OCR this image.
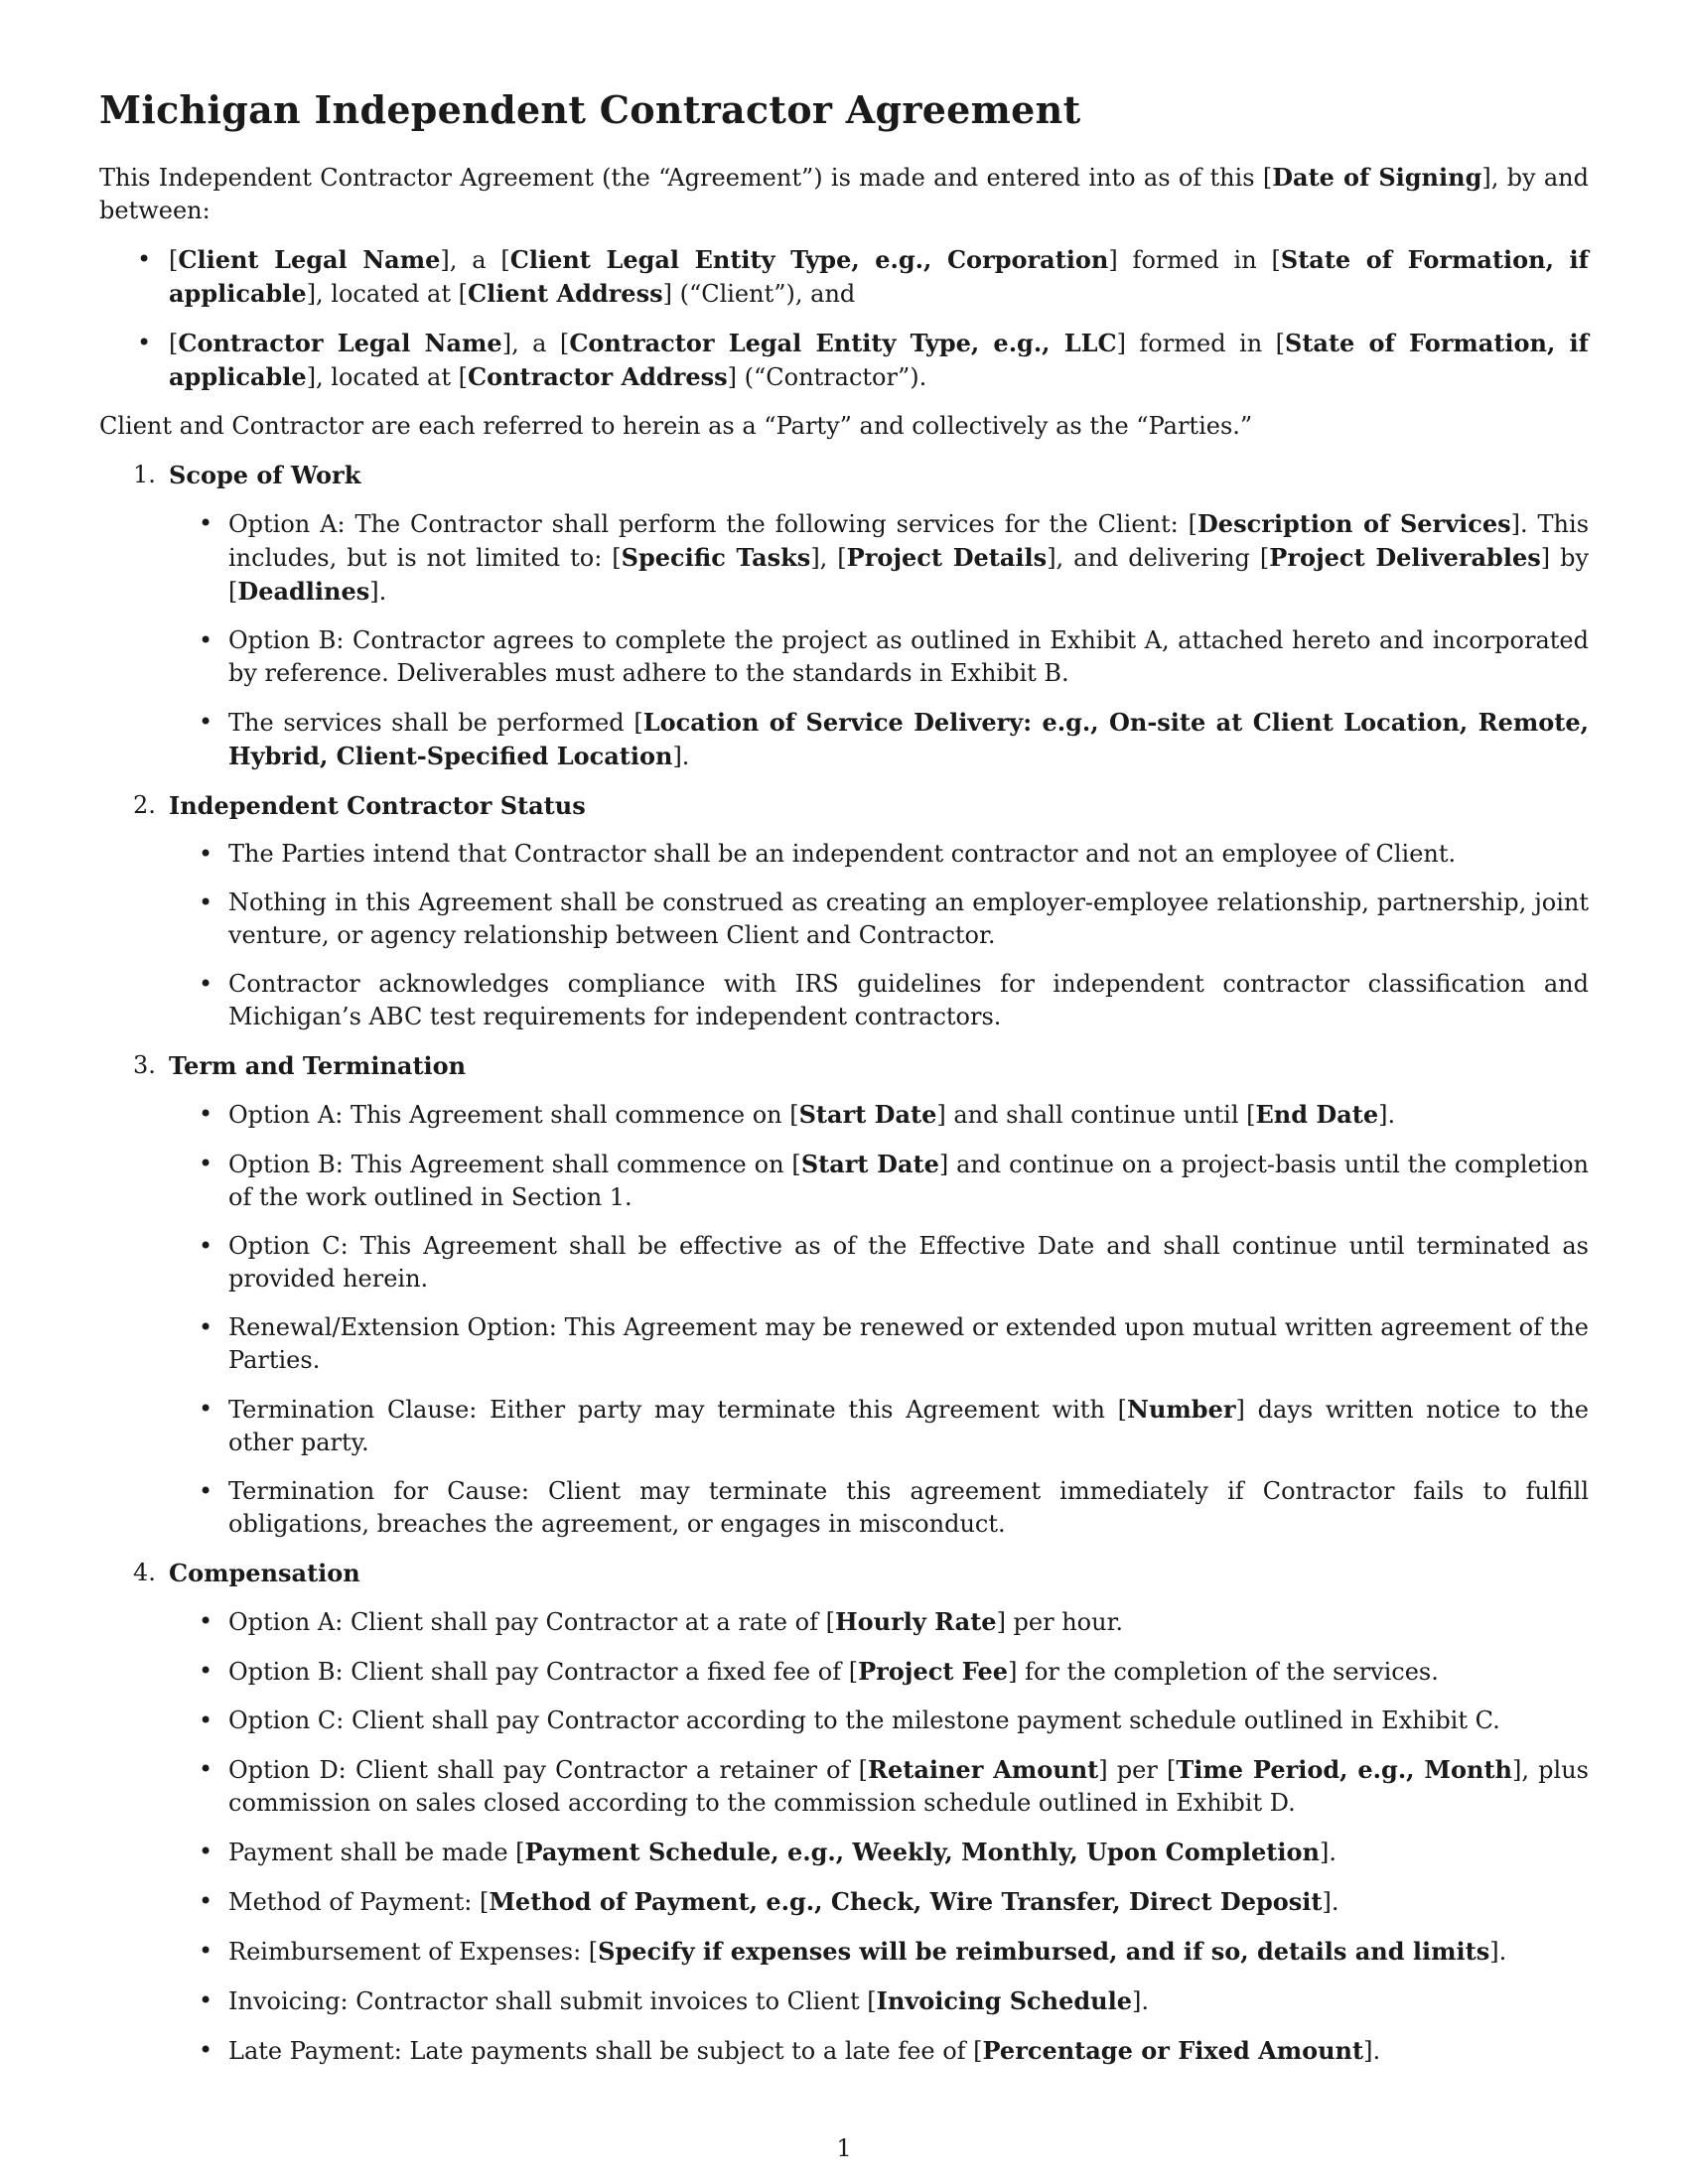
Michigan Independent Contractor Agreement

This Independent Contractor Agreement (the “Agreement”) is made and entered into as of this [Date of Signing], by and between:

• [Client Legal Name], a [Client Legal Entity Type, e.g., Corporation] formed in [State of Formation, if applicable], located at [Client Address] (“Client”), and
• [Contractor Legal Name], a [Contractor Legal Entity Type, e.g., LLC] formed in [State of Formation, if applicable], located at [Contractor Address] (“Contractor”).

Client and Contractor are each referred to herein as a “Party” and collectively as the “Parties.”

1. Scope of Work
• Option A: The Contractor shall perform the following services for the Client: [Description of Services]. This includes, but is not limited to: [Specific Tasks], [Project Details], and delivering [Project Deliverables] by [Deadlines].
• Option B: Contractor agrees to complete the project as outlined in Exhibit A, attached hereto and incorporated by reference. Deliverables must adhere to the standards in Exhibit B.
• The services shall be performed [Location of Service Delivery: e.g., On-site at Client Location, Remote, Hybrid, Client-Specified Location].
2. Independent Contractor Status
• The Parties intend that Contractor shall be an independent contractor and not an employee of Client.
• Nothing in this Agreement shall be construed as creating an employer-employee relationship, partnership, joint venture, or agency relationship between Client and Contractor.
• Contractor acknowledges compliance with IRS guidelines for independent contractor classification and Michigan’s ABC test requirements for independent contractors.
3. Term and Termination
• Option A: This Agreement shall commence on [Start Date] and shall continue until [End Date].
• Option B: This Agreement shall commence on [Start Date] and continue on a project-basis until the completion of the work outlined in Section 1.
• Option C: This Agreement shall be effective as of the Effective Date and shall continue until terminated as provided herein.
• Renewal/Extension Option: This Agreement may be renewed or extended upon mutual written agreement of the Parties.
• Termination Clause: Either party may terminate this Agreement with [Number] days written notice to the other party.
• Termination for Cause: Client may terminate this agreement immediately if Contractor fails to fulfill obligations, breaches the agreement, or engages in misconduct.
4. Compensation
• Option A: Client shall pay Contractor at a rate of [Hourly Rate] per hour.
• Option B: Client shall pay Contractor a fixed fee of [Project Fee] for the completion of the services.
• Option C: Client shall pay Contractor according to the milestone payment schedule outlined in Exhibit C.
• Option D: Client shall pay Contractor a retainer of [Retainer Amount] per [Time Period, e.g., Month], plus commission on sales closed according to the commission schedule outlined in Exhibit D.
• Payment shall be made [Payment Schedule, e.g., Weekly, Monthly, Upon Completion].
• Method of Payment: [Method of Payment, e.g., Check, Wire Transfer, Direct Deposit].
• Reimbursement of Expenses: [Specify if expenses will be reimbursed, and if so, details and limits].
• Invoicing: Contractor shall submit invoices to Client [Invoicing Schedule].
• Late Payment: Late payments shall be subject to a late fee of [Percentage or Fixed Amount].
1
